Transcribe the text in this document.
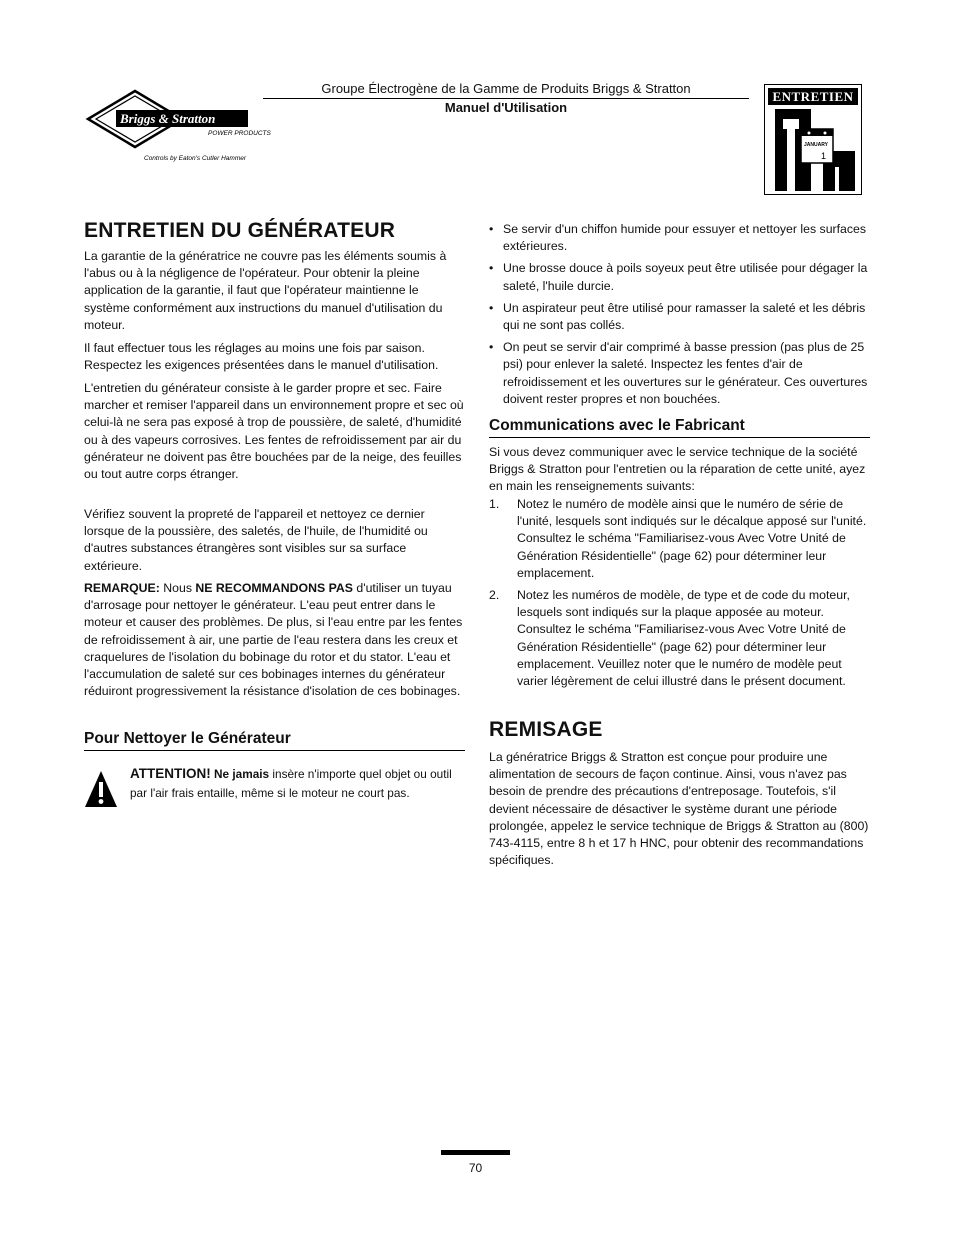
Briggs & Stratton
POWER PRODUCTS
Controls by Eaton's Cutler Hammer
Groupe Électrogène de la Gamme de Produits Briggs & Stratton
Manuel d'Utilisation
ENTRETIEN
JANUARY
1
ENTRETIEN DU GÉNÉRATEUR

La garantie de la génératrice ne couvre pas les éléments soumis à l'abus ou à la négligence de l'opérateur. Pour obtenir la pleine application de la garantie, il faut que l'opérateur maintienne le système conformément aux instructions du manuel d'utilisation du moteur.

Il faut effectuer tous les réglages au moins une fois par saison. Respectez les exigences présentées dans le manuel d'utilisation.

L'entretien du générateur consiste à le garder propre et sec. Faire marcher et remiser l'appareil dans un environnement propre et sec où celui-là ne sera pas exposé à trop de poussière, de saleté, d'humidité ou à des vapeurs corrosives. Les fentes de refroidissement par air du générateur ne doivent pas être bouchées par de la neige, des feuilles ou tout autre corps étranger.

Vérifiez souvent la propreté de l'appareil et nettoyez ce dernier lorsque de la poussière, des saletés, de l'huile, de l'humidité ou d'autres substances étrangères sont visibles sur sa surface extérieure.

REMARQUE: Nous NE RECOMMANDONS PAS d'utiliser un tuyau d'arrosage pour nettoyer le générateur. L'eau peut entrer dans le moteur et causer des problèmes. De plus, si l'eau entre par les fentes de refroidissement à air, une partie de l'eau restera dans les creux et craquelures de l'isolation du bobinage du rotor et du stator. L'eau et l'accumulation de saleté sur ces bobinages internes du générateur réduiront progressivement la résistance d'isolation de ces bobinages.

Pour Nettoyer le Générateur
ATTENTION! Ne jamais insère n'importe quel objet ou outil par l'air frais entaille, même si le moteur ne court pas.
• Se servir d'un chiffon humide pour essuyer et nettoyer les surfaces extérieures.
• Une brosse douce à poils soyeux peut être utilisée pour dégager la saleté, l'huile durcie.
• Un aspirateur peut être utilisé pour ramasser la saleté et les débris qui ne sont pas collés.
• On peut se servir d'air comprimé à basse pression (pas plus de 25 psi) pour enlever la saleté. Inspectez les fentes d'air de refroidissement et les ouvertures sur le générateur. Ces ouvertures doivent rester propres et non bouchées.
Communications avec le Fabricant

Si vous devez communiquer avec le service technique de la société Briggs & Stratton pour l'entretien ou la réparation de cette unité, ayez en main les renseignements suivants:

1. Notez le numéro de modèle ainsi que le numéro de série de l'unité, lesquels sont indiqués sur le décalque apposé sur l'unité. Consultez le schéma "Familiarisez-vous Avec Votre Unité de Génération Résidentielle" (page 62) pour déterminer leur emplacement.
2. Notez les numéros de modèle, de type et de code du moteur, lesquels sont indiqués sur la plaque apposée au moteur. Consultez le schéma "Familiarisez-vous Avec Votre Unité de Génération Résidentielle" (page 62) pour déterminer leur emplacement. Veuillez noter que le numéro de modèle peut varier légèrement de celui illustré dans le présent document.
REMISAGE

La génératrice Briggs & Stratton est conçue pour produire une alimentation de secours de façon continue. Ainsi, vous n'avez pas besoin de prendre des précautions d'entreposage. Toutefois, s'il devient nécessaire de désactiver le système durant une période prolongée, appelez le service technique de Briggs & Stratton au (800) 743-4115, entre 8 h et 17 h HNC, pour obtenir des recommandations spécifiques.

70
